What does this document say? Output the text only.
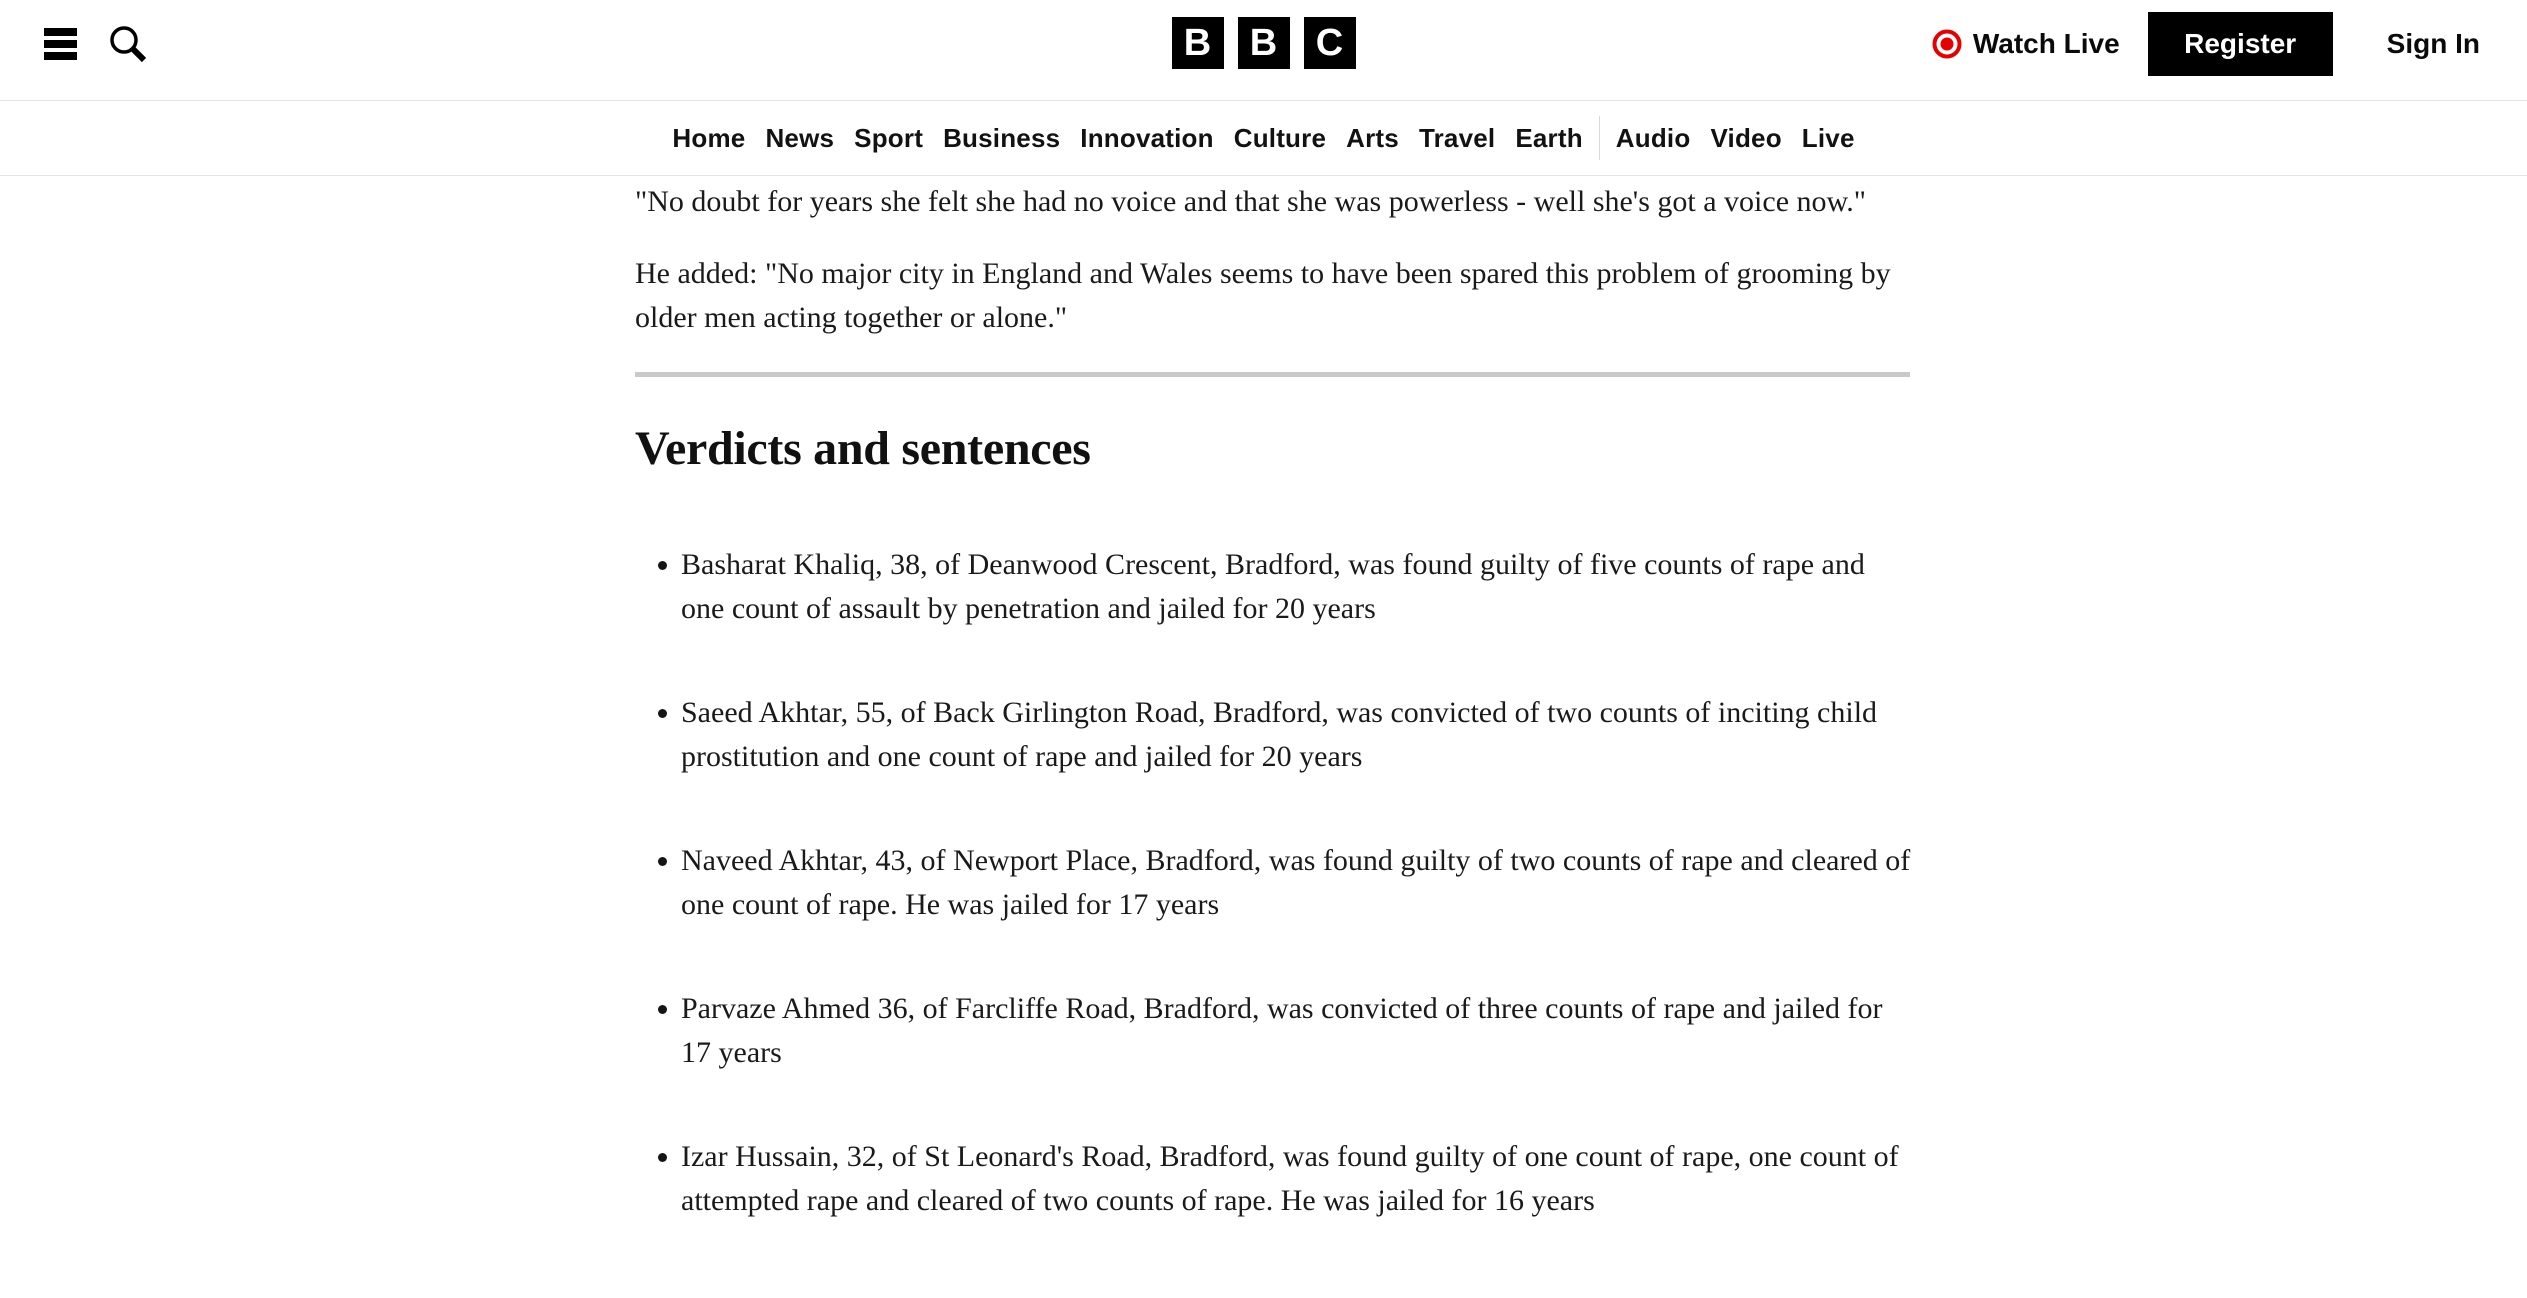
B	B	C	Watch Live	Register	Sign In
Home News Sport Business Innovation Culture Arts Travel Earth Audio Video Live

"No doubt for years she felt she had no voice and that she was powerless - well she's got a voice now."

He added: "No major city in England and Wales seems to have been spared this problem of grooming by older men acting together or alone."

Verdicts and sentences
Basharat Khaliq, 38, of Deanwood Crescent, Bradford, was found guilty of five counts of rape and one count of assault by penetration and jailed for 20 years
Saeed Akhtar, 55, of Back Girlington Road, Bradford, was convicted of two counts of inciting child prostitution and one count of rape and jailed for 20 years
Naveed Akhtar, 43, of Newport Place, Bradford, was found guilty of two counts of rape and cleared of one count of rape. He was jailed for 17 years
Parvaze Ahmed 36, of Farcliffe Road, Bradford, was convicted of three counts of rape and jailed for 17 years
Izar Hussain, 32, of St Leonard's Road, Bradford, was found guilty of one count of rape, one count of attempted rape and cleared of two counts of rape. He was jailed for 16 years
